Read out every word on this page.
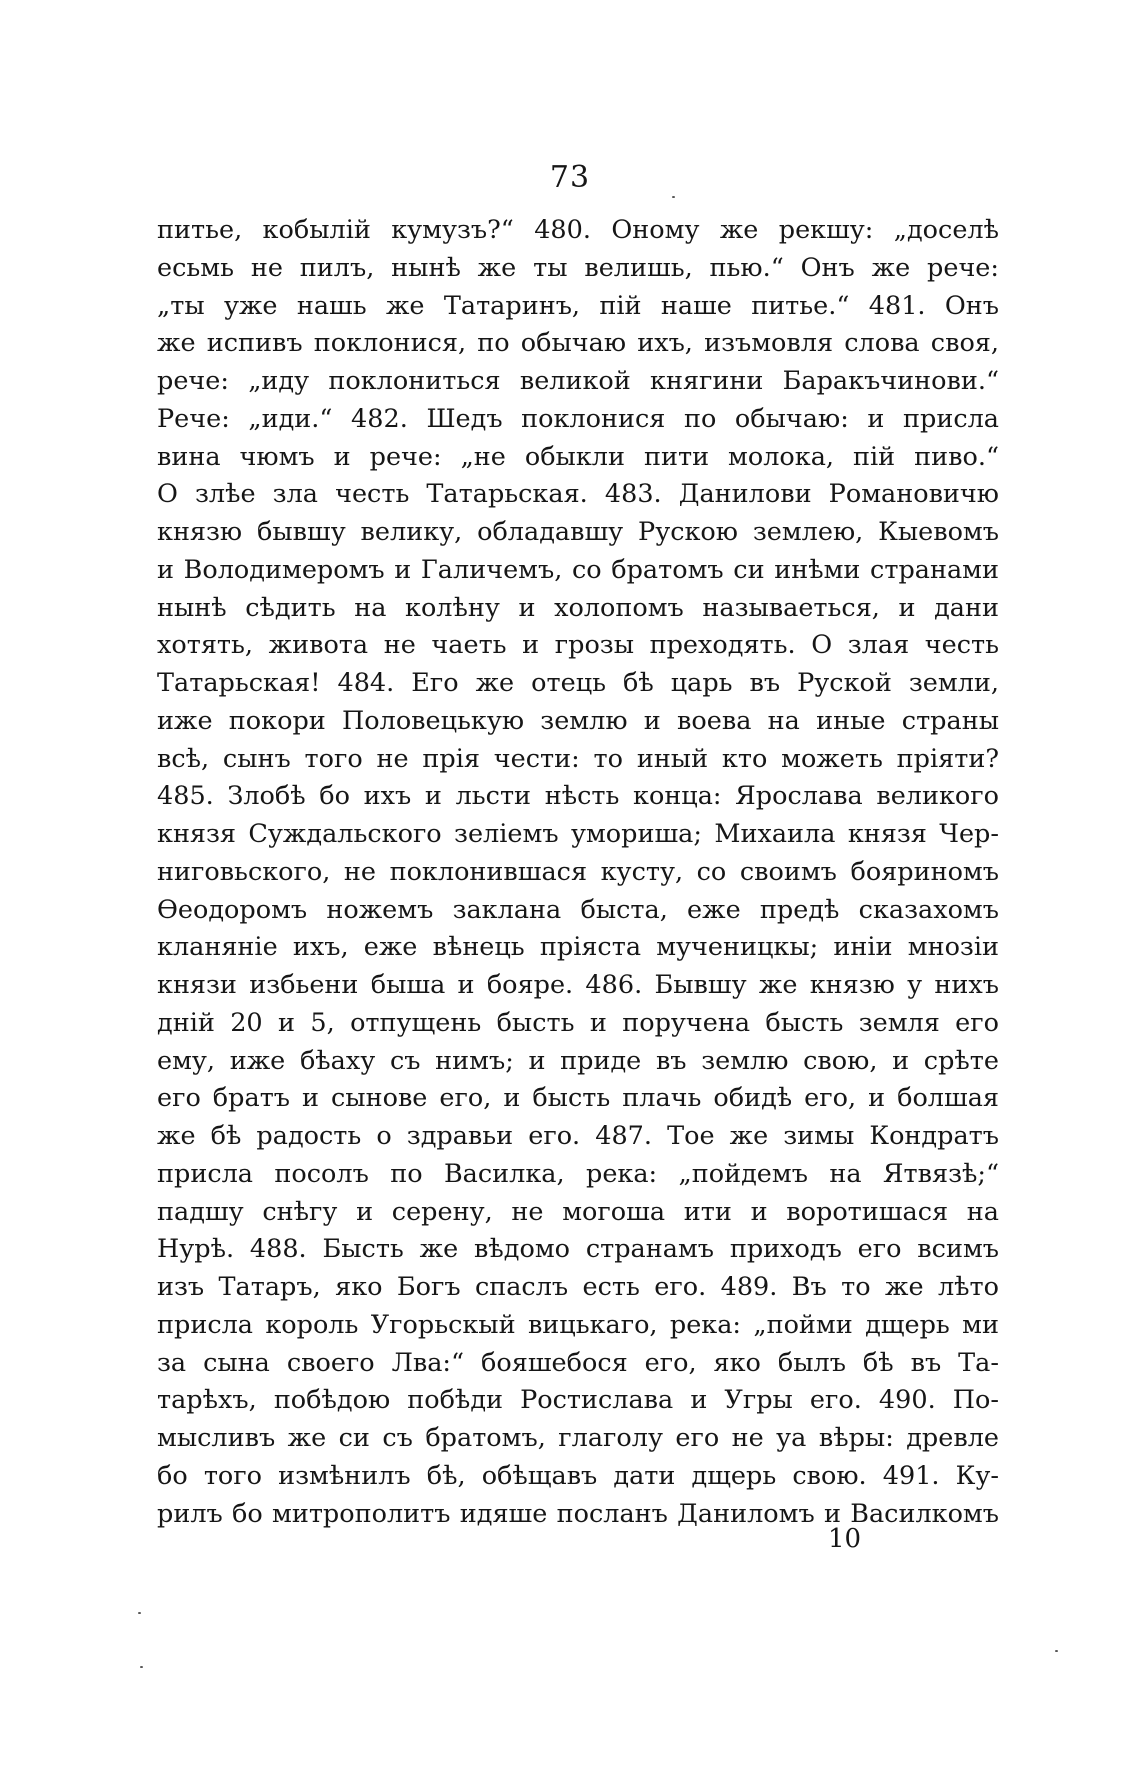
73
питье, кобылій кумузъ?“ 480. Оному же рекшу: „доселѣ
есьмь не пилъ, нынѣ же ты велишь, пью.“ Онъ же рече:
„ты уже нашь же Татаринъ, пій наше питье.“ 481. Онъ
же испивъ поклонися, по обычаю ихъ, изъмовля слова своя,
рече: „иду поклониться великой княгини Баракъчинови.“
Рече: „иди.“ 482. Шедъ поклонися по обычаю: и присла
вина чюмъ и рече: „не обыкли пити молока, пій пиво.“
О злѣе зла честь Татарьская. 483. Данилови Романовичю
князю бывшу велику, обладавшу Рускою землею, Кыевомъ
и Володимеромъ и Галичемъ, со братомъ си инѣми странами
нынѣ сѣдить на колѣну и холопомъ называеться, и дани
хотять, живота не чаеть и грозы преходять. О злая честь
Татарьская! 484. Его же отець бѣ царь въ Руской земли,
иже покори Половецькую землю и воева на иные страны
всѣ, сынъ того не прія чести: то иный кто можеть пріяти?
485. Злобѣ бо ихъ и льсти нѣсть конца: Ярослава великого
князя Суждальского зеліемъ умориша; Михаила князя Чер-
ниговьского, не поклонившася кусту, со своимъ бояриномъ
Ѳеодоромъ ножемъ заклана быста, еже предѣ сказахомъ
кланяніе ихъ, еже вѣнець пріяста мученицкы; иніи мнозіи
князи избьени быша и бояре. 486. Бывшу же князю у нихъ
дній 20 и 5, отпущень бысть и поручена бысть земля его
ему, иже бѣаху съ нимъ; и приде въ землю свою, и срѣте
его братъ и сынове его, и бысть плачь обидѣ его, и болшая
же бѣ радость о здравьи его. 487. Тое же зимы Кондратъ
присла посолъ по Василка, река: „пойдемъ на Ятвязѣ;“
падшу снѣгу и серену, не могоша ити и воротишася на
Нурѣ. 488. Бысть же вѣдомо странамъ приходъ его всимъ
изъ Татаръ, яко Богъ спаслъ есть его. 489. Въ то же лѣто
присла король Угорьскый вицькаго, река: „пойми дщерь ми
за сына своего Лва:“ бояшебося его, яко былъ бѣ въ Та-
тарѣхъ, побѣдою побѣди Ростислава и Угры его. 490. По-
мысливъ же си съ братомъ, глаголу его не уа вѣры: древле
бо того измѣнилъ бѣ, обѣщавъ дати дщерь свою. 491. Ку-
рилъ бо митрополитъ идяше посланъ Даниломъ и Василкомъ
10
